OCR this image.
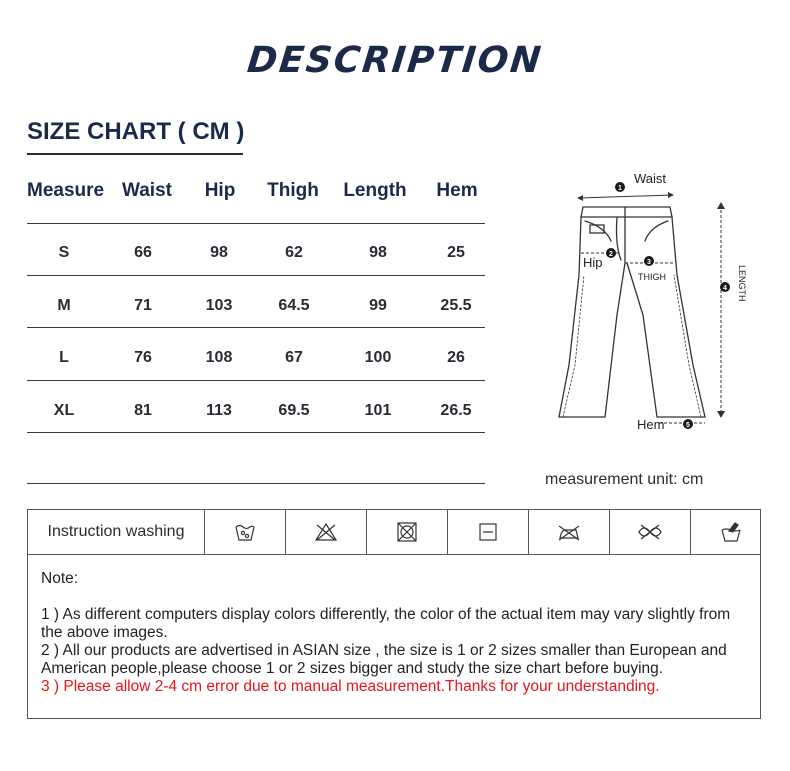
DESCRIPTION
SIZE CHART ( CM )
Measure Waist	Hip	Thigh	Length	Hem
S	66	98	62	98	25
M	71	103	64.5	99	25.5
L	76	108	67	100	26
XL	81	113	69.5	101	26.5
1
2
3
4
5
Waist
Hip
THIGH	LENGTH
Hem
measurement unit: cm
Instruction washing

Note:

1 ) As different computers display colors differently, the color of the actual item may vary slightly from the above images.

2 ) All our products are advertised in ASIAN size , the size is 1 or 2 sizes smaller than European and American people,please choose 1 or 2 sizes bigger and study the size chart before buying.

3 ) Please allow 2-4 cm error due to manual measurement.Thanks for your understanding.
